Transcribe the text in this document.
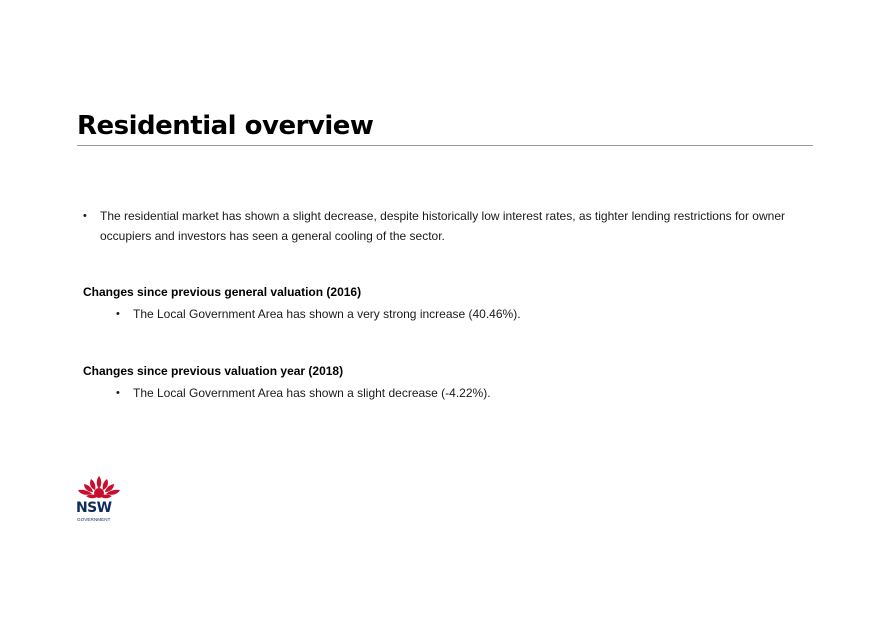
Residential overview
• The residential market has shown a slight decrease, despite historically low interest rates, as tighter lending restrictions for owner occupiers and investors has seen a general cooling of the sector.
Changes since previous general valuation (2016)
• The Local Government Area has shown a very strong increase (40.46%).
Changes since previous valuation year (2018)
• The Local Government Area has shown a slight decrease (-4.22%).
NSW
GOVERNMENT
